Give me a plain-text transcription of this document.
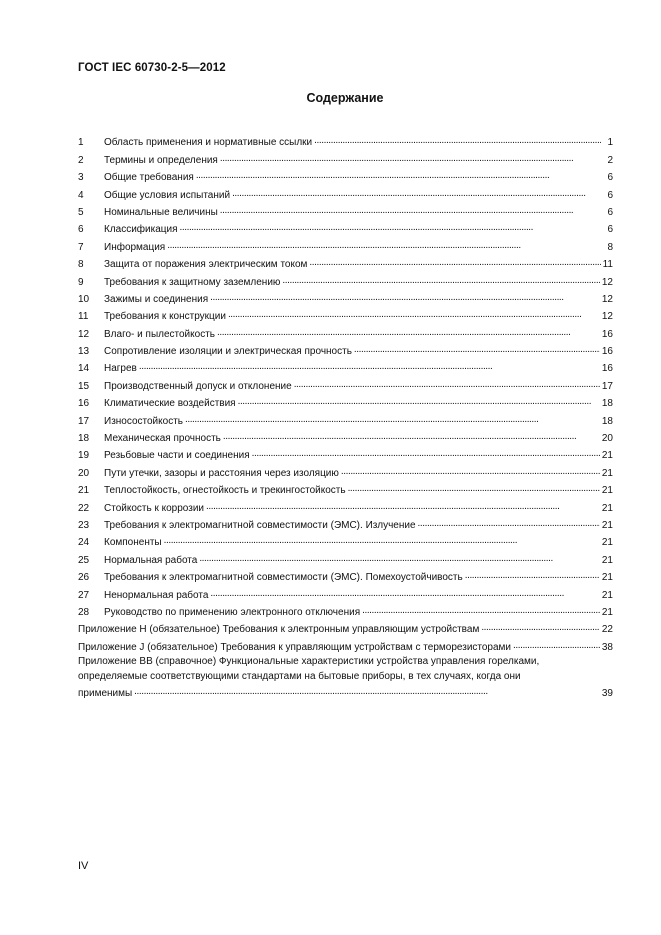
ГОСТ IEC 60730-2-5—2012
Содержание
1	Область применения и нормативные ссылки . . .	1
2	Термины и определения . . .	2
3	Общие требования . . .	6
4	Общие условия испытаний . . .	6
5	Номинальные величины . . .	6
6	Классификация . . .	6
7	Информация . . .	8
8	Защита от поражения электрическим током . . .	11
9	Требования к защитному заземлению . . .	12
10	Зажимы и соединения . . .	12
11	Требования к конструкции . . .	12
12	Влаго- и пылестойкость . . .	16
13	Сопротивление изоляции и электрическая прочность . . .	16
14	Нагрев . . .	16
15	Производственный допуск и отклонение . . .	17
16	Климатические воздействия . . .	18
17	Износостойкость . . .	18
18	Механическая прочность . . .	20
19	Резьбовые части и соединения . . .	21
20	Пути утечки, зазоры и расстояния через изоляцию . . .	21
21	Теплостойкость, огнестойкость и трекингостойкость . . .	21
22	Стойкость к коррозии . . .	21
23	Требования к электромагнитной совместимости (ЭМС). Излучение . . .	21
24	Компоненты . . .	21
25	Нормальная работа . . .	21
26	Требования к электромагнитной совместимости (ЭМС). Помехоустойчивость . . .	21
27	Ненормальная работа . . .	21
28	Руководство по применению электронного отключения . . .	21
Приложение Н (обязательное) Требования к электронным управляющим устройствам . . .	22
Приложение J (обязательное) Требования к управляющим устройствам с терморезисторами . . .	38
Приложение ВВ (справочное) Функциональные характеристики устройства управления горелками,
определяемые соответствующими стандартами на бытовые приборы, в тех случаях, когда они
применимы . . .	39
IV
